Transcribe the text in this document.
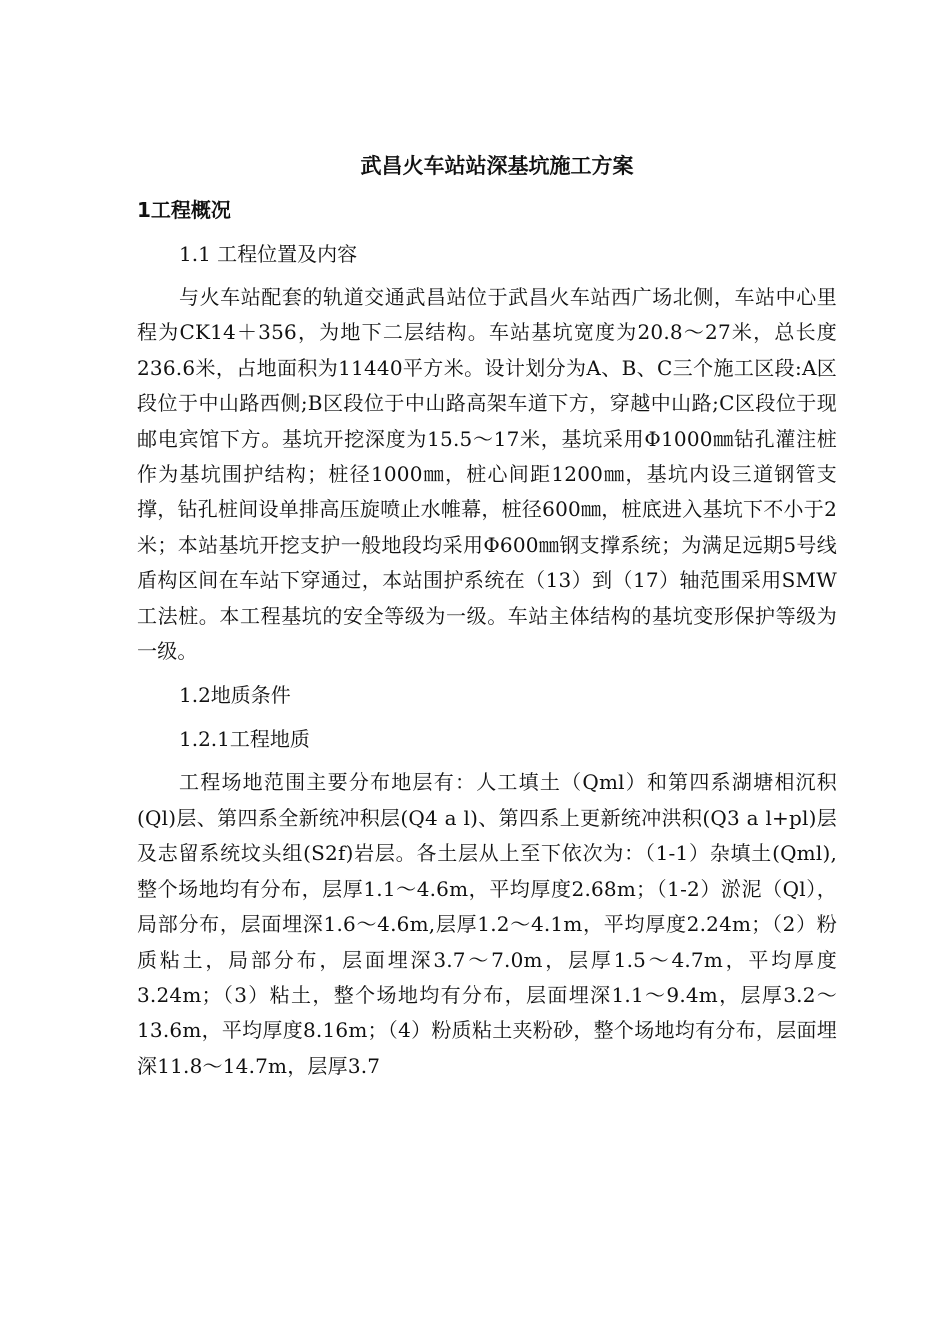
武昌火车站站深基坑施工方案
1工程概况
1.1 工程位置及内容

与火车站配套的轨道交通武昌站位于武昌火车站西广场北侧，车站中心里程为CK14＋356，为地下二层结构。车站基坑宽度为20.8～27米，总长度236.6米，占地面积为11440平方米。设计划分为A、B、C三个施工区段:A区段位于中山路西侧;B区段位于中山路高架车道下方，穿越中山路;C区段位于现邮电宾馆下方。基坑开挖深度为15.5～17米，基坑采用Φ1000㎜钻孔灌注桩作为基坑围护结构；桩径1000㎜，桩心间距1200㎜，基坑内设三道钢管支撑，钻孔桩间设单排高压旋喷止水帷幕，桩径600㎜，桩底进入基坑下不小于2米；本站基坑开挖支护一般地段均采用Φ600㎜钢支撑系统；为满足远期5号线盾构区间在车站下穿通过，本站围护系统在（13）到（17）轴范围采用SMW工法桩。本工程基坑的安全等级为一级。车站主体结构的基坑变形保护等级为一级。

1.2地质条件
1.2.1工程地质

工程场地范围主要分布地层有：人工填土（Qml）和第四系湖塘相沉积(Ql)层、第四系全新统冲积层(Q4 a l)、第四系上更新统冲洪积(Q3 a l+pl)层及志留系统坟头组(S2f)岩层。各土层从上至下依次为：（1-1）杂填土(Qml),整个场地均有分布，层厚1.1～4.6m，平均厚度2.68m；（1-2）淤泥（Ql），局部分布，层面埋深1.6～4.6m,层厚1.2～4.1m，平均厚度2.24m；（2）粉质粘土，局部分布，层面埋深3.7～7.0m，层厚1.5～4.7m，平均厚度3.24m；（3）粘土，整个场地均有分布，层面埋深1.1～9.4m，层厚3.2～13.6m，平均厚度8.16m；（4）粉质粘土夹粉砂，整个场地均有分布，层面埋深11.8～14.7m，层厚3.7
